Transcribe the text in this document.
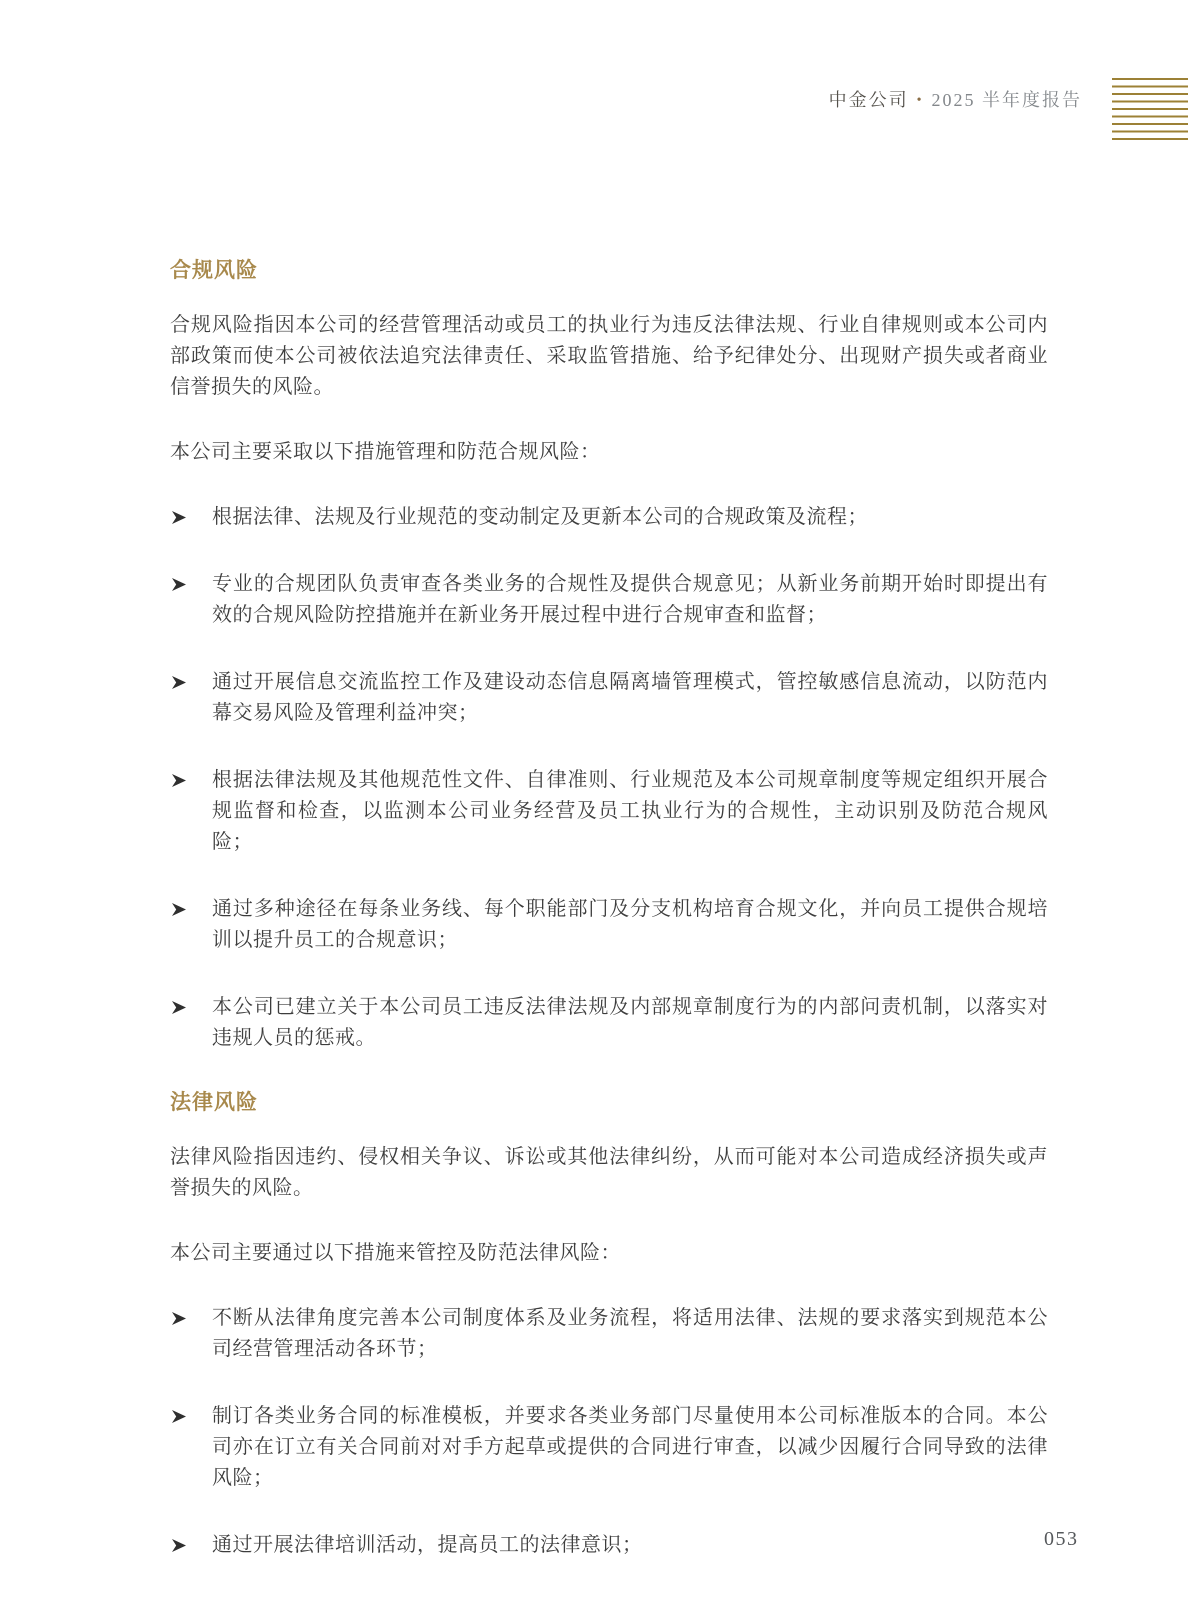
中金公司 • 2025 半年度报告
合规风险

合规风险指因本公司的经营管理活动或员工的执业行为违反法律法规、行业自律规则或本公司内部政策而使本公司被依法追究法律责任、采取监管措施、给予纪律处分、出现财产损失或者商业信誉损失的风险。

本公司主要采取以下措施管理和防范合规风险：

根据法律、法规及行业规范的变动制定及更新本公司的合规政策及流程；
专业的合规团队负责审查各类业务的合规性及提供合规意见；从新业务前期开始时即提出有效的合规风险防控措施并在新业务开展过程中进行合规审查和监督；
通过开展信息交流监控工作及建设动态信息隔离墙管理模式，管控敏感信息流动，以防范内幕交易风险及管理利益冲突；
根据法律法规及其他规范性文件、自律准则、行业规范及本公司规章制度等规定组织开展合规监督和检查，以监测本公司业务经营及员工执业行为的合规性，主动识别及防范合规风险；
通过多种途径在每条业务线、每个职能部门及分支机构培育合规文化，并向员工提供合规培训以提升员工的合规意识；
本公司已建立关于本公司员工违反法律法规及内部规章制度行为的内部问责机制，以落实对违规人员的惩戒。
法律风险

法律风险指因违约、侵权相关争议、诉讼或其他法律纠纷，从而可能对本公司造成经济损失或声誉损失的风险。

本公司主要通过以下措施来管控及防范法律风险：

不断从法律角度完善本公司制度体系及业务流程，将适用法律、法规的要求落实到规范本公司经营管理活动各环节；
制订各类业务合同的标准模板，并要求各类业务部门尽量使用本公司标准版本的合同。本公司亦在订立有关合同前对对手方起草或提供的合同进行审查，以减少因履行合同导致的法律风险；
通过开展法律培训活动，提高员工的法律意识；	053
